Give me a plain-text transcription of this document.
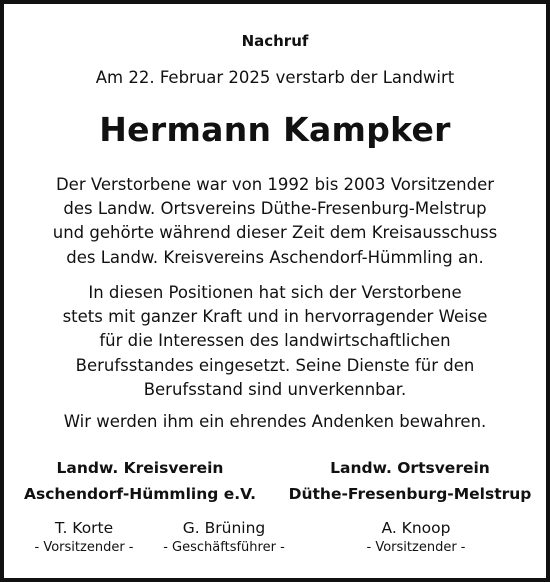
Nachruf
Am 22. Februar 2025 verstarb der Landwirt
Hermann Kampker
Der Verstorbene war von 1992 bis 2003 Vorsitzender
des Landw. Ortsvereins Düthe-Fresenburg-Melstrup
und gehörte während dieser Zeit dem Kreisausschuss
des Landw. Kreisvereins Aschendorf-Hümmling an.
In diesen Positionen hat sich der Verstorbene
stets mit ganzer Kraft und in hervorragender Weise
für die Interessen des landwirtschaftlichen
Berufsstandes eingesetzt. Seine Dienste für den
Berufsstand sind unverkennbar.
Wir werden ihm ein ehrendes Andenken bewahren.
Landw. Kreisverein
Aschendorf-Hümmling e.V.
Landw. Ortsverein
Düthe-Fresenburg-Melstrup
T. Korte
- Vorsitzender -
G. Brüning
- Geschäftsführer -
A. Knoop
- Vorsitzender -
